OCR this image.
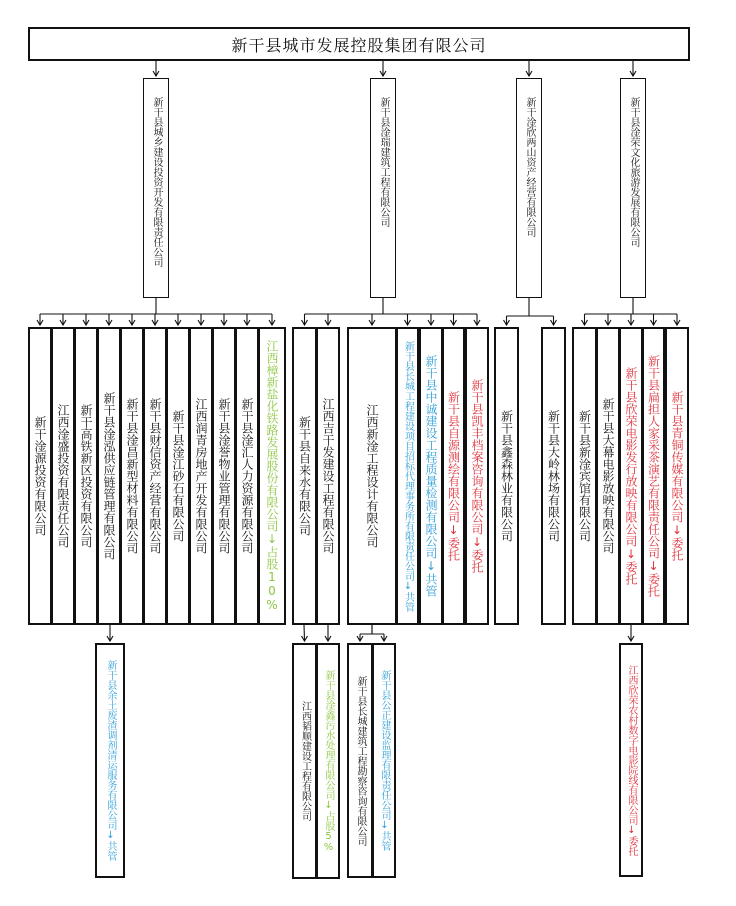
新干县城市发展控股集团有限公司
新干县城乡建设投资开发有限责任公司	新干县淦瑞建筑工程有限公司	新干淦欣两山资产经营有限公司	新干县淦荣文化旅游发展有限公司
新干淦源投资有限公司 江西淦盛投资有限责任公司 新干高铁新区投资有限公司 新干县淦泓供应链管理有限公司 新干县淦昌新型材料有限公司 新干县财信资产经营有限公司 新干县淦江砂石有限公司 江西润青房地产开发有限公司 新干县淦誉物业管理有限公司 新干县淦汇人力资源有限公司 江西樟新盐化铁路发展股份有限公司↓占股10% 新干县自来水有限公司 江西吉干发建设工程有限公司	江西新淦工程设计有限公司 新干县长城工程建设项目招标代理事务所有限责任公司↓共管 新干县中诚建设工程质量检测有限公司↓共管 新干县自源测绘有限公司↓委托 新干县凯丰档案咨询有限公司↓委托 新干县鑫森林业有限公司	新干县大岭林场有限公司 新干县新淦宾馆有限公司 新干县大幕电影放映有限公司 新干县欣荣电影发行放映有限公司↓委托 新干县扁担人家采茶演艺有限责任公司↓委托 新干县青铜传媒有限公司↓委托
新干县余土废渣调剂清运服务有限公司↓共管	江西韬顺建设工程有限公司 新干县淦鑫污水处理有限公司↓占股5% 新干县长城建筑工程勘察咨询有限公司 新干县公正建设监理有限责任公司↓共管	江西欣荣农村数字电影院线有限公司↓委托
